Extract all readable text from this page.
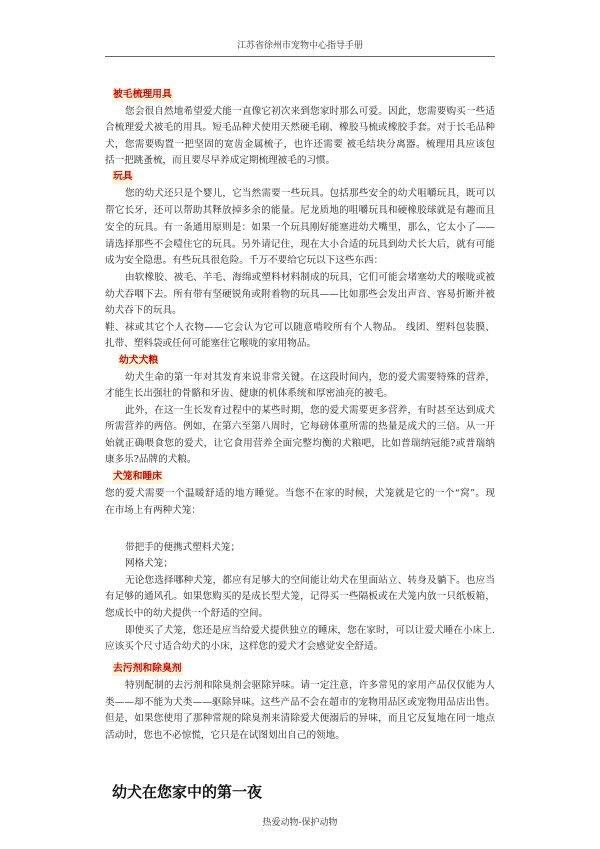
江苏省徐州市宠物中心指导手册
被毛梳理用具
您会很自然地希望爱犬能一直像它初次来到您家时那么可爱。因此，您需要购买一些适
合梳理爱犬被毛的用具。短毛品种犬使用天然硬毛刷、橡胶马梳或橡胶手套。对于长毛品种
犬，您需要购置一把坚固的宽齿金属梳子，也许还需要 被毛结块分离器。梳理用具应该包
括一把跳蚤梳，而且要尽早养成定期梳理被毛的习惯。
玩具
您的幼犬还只是个婴儿，它当然需要一些玩具。包括那些安全的幼犬咀嚼玩具，既可以
帮它长牙，还可以帮助其释放掉多余的能量。尼龙质地的咀嚼玩具和硬橡胶球就是有趣而且
安全的玩具。有一条通用原则是：如果一个玩具刚好能塞进幼犬嘴里，那么，它太小了——
请选择那些不会噎住它的玩具。另外请记住，现在大小合适的玩具到幼犬长大后，就有可能
成为安全隐患。有些玩具很危险。千万不要给它玩以下这些东西：
由软橡胶、被毛、羊毛、海绵或塑料材料制成的玩具，它们可能会堵塞幼犬的喉咙或被
幼犬吞咽下去。所有带有坚硬锐角或附着物的玩具——比如那些会发出声音、容易折断并被
幼犬吞下的玩具。
鞋、袜或其它个人衣物——它会认为它可以随意啃咬所有个人物品。 线团、塑料包装膜、
扎带、塑料袋或任何可能塞住它喉咙的家用物品。
幼犬犬粮
幼犬生命的第一年对其发育来说非常关键。在这段时间内，您的爱犬需要特殊的营养，
才能生长出强壮的骨骼和牙齿、健康的机体系统和厚密油亮的被毛。
此外，在这一生长发育过程中的某些时期，您的爱犬需要更多营养，有时甚至达到成犬
所需营养的两倍。例如，在第六至第八周时，它每磅体重所需的热量是成犬的三倍。从一开
始就正确喂食您的爱犬，让它食用营养全面完整均衡的犬粮吧，比如普瑞纳冠能?或普瑞纳
康多乐?品牌的犬粮。
犬笼和睡床
您的爱犬需要一个温暖舒适的地方睡觉。当您不在家的时候，犬笼就是它的一个“窝”。现
在市场上有两种犬笼：
带把手的便携式塑料犬笼；
网格犬笼；
无论您选择哪种犬笼，都应有足够大的空间能让幼犬在里面站立、转身及躺下。也应当
有足够的通风孔。如果您购买的是成长型犬笼，记得买一些隔板或在犬笼内放一只纸板箱，
您成长中的幼犬提供一个舒适的空间。
即使买了犬笼，您还是应当给爱犬提供独立的睡床，您在家时，可以让爱犬睡在小床上.
应该买个尺寸适合幼犬的小床，这样您的爱犬才会感觉安全舒适。
去污剂和除臭剂
特别配制的去污剂和除臭剂会驱除异味。请一定注意，许多常见的家用产品仅仅能为人
类——却不能为犬类——驱除异味。这些产品不会在超市的宠物用品区或宠物用品店出售。
但是，如果您使用了那种常规的除臭剂来清除爱犬便溺后的异味，而且它反复地在同一地点
活动时，您也不必惊慌，它只是在试图划出自己的领地。
幼犬在您家中的第一夜
热爱动物-保护动物
